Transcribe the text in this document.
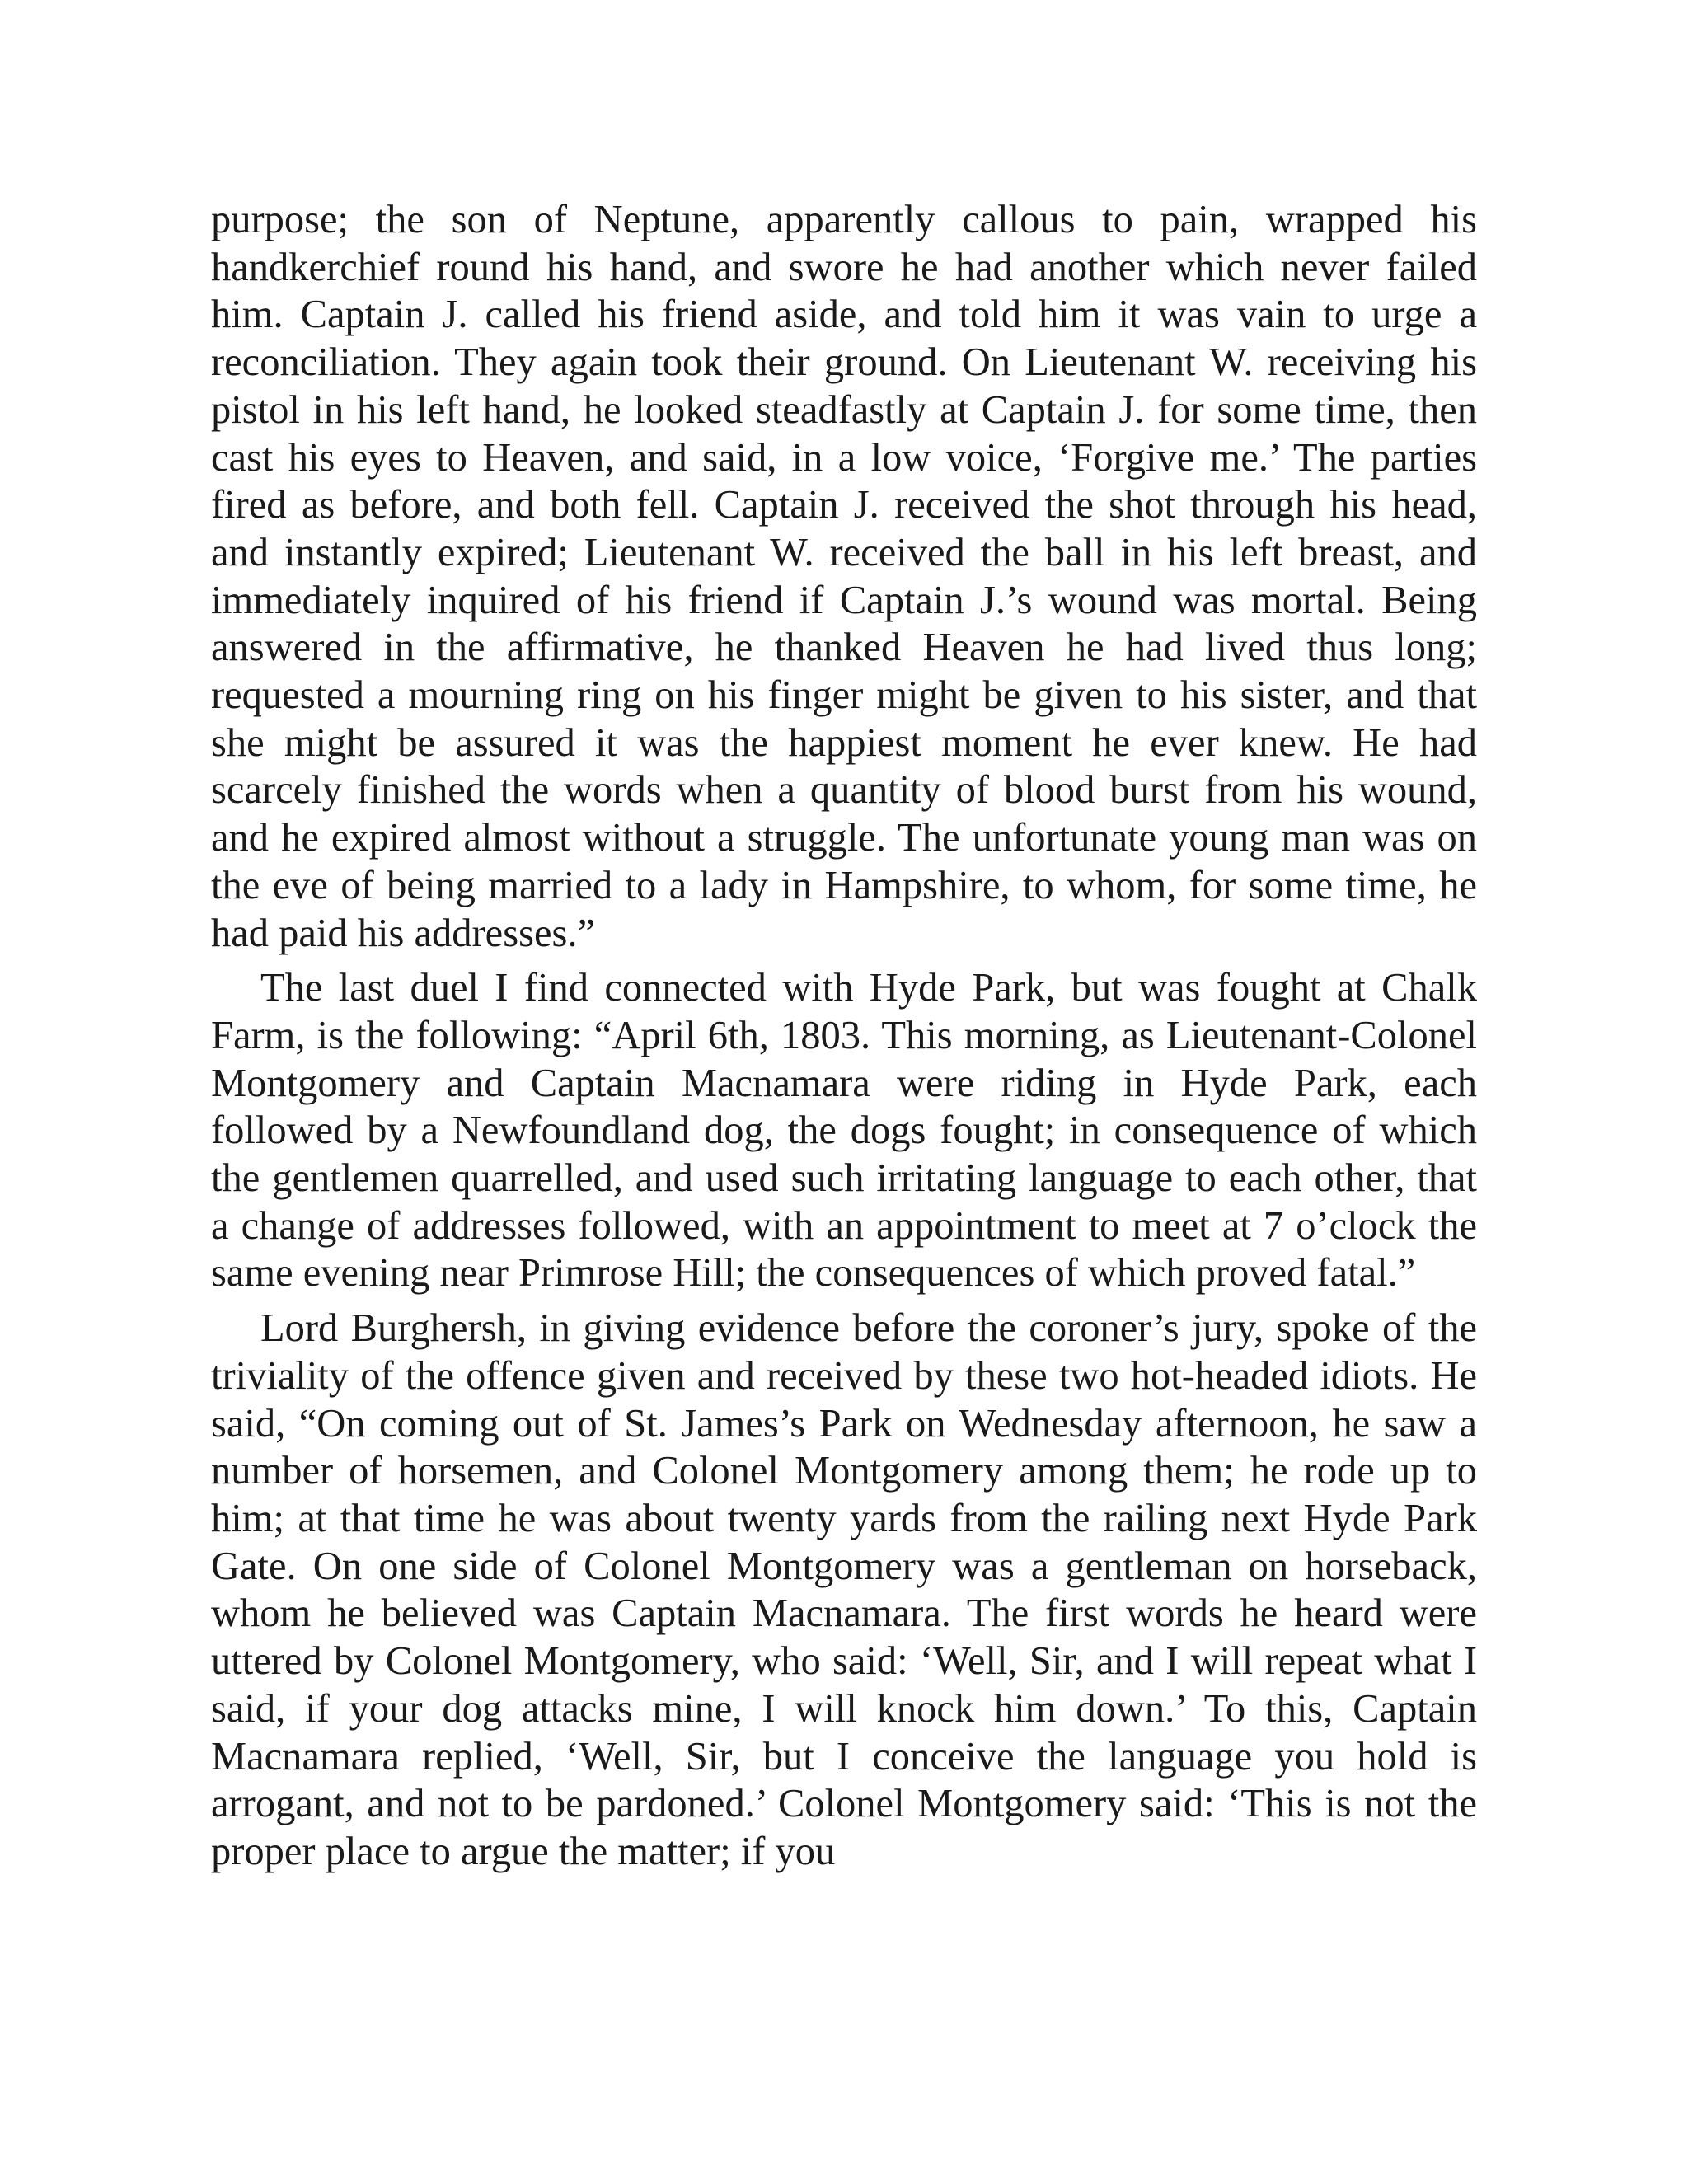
purpose; the son of Neptune, apparently callous to pain, wrapped his handkerchief round his hand, and swore he had another which never failed him. Captain J. called his friend aside, and told him it was vain to urge a reconciliation. They again took their ground. On Lieutenant W. receiving his pistol in his left hand, he looked steadfastly at Captain J. for some time, then cast his eyes to Heaven, and said, in a low voice, ‘Forgive me.’ The parties fired as before, and both fell. Captain J. received the shot through his head, and instantly expired; Lieutenant W. received the ball in his left breast, and immediately inquired of his friend if Captain J.’s wound was mortal. Being answered in the affirmative, he thanked Heaven he had lived thus long; requested a mourning ring on his finger might be given to his sister, and that she might be assured it was the happiest moment he ever knew. He had scarcely finished the words when a quantity of blood burst from his wound, and he expired almost without a struggle. The unfortunate young man was on the eve of being married to a lady in Hampshire, to whom, for some time, he had paid his addresses.”

The last duel I find connected with Hyde Park, but was fought at Chalk Farm, is the following: “April 6th, 1803. This morning, as Lieutenant-Colonel Montgomery and Captain Macnamara were riding in Hyde Park, each followed by a Newfoundland dog, the dogs fought; in consequence of which the gentlemen quarrelled, and used such irritating language to each other, that a change of addresses followed, with an appointment to meet at 7 o’clock the same evening near Primrose Hill; the consequences of which proved fatal.”

Lord Burghersh, in giving evidence before the coroner’s jury, spoke of the triviality of the offence given and received by these two hot-headed idiots. He said, “On coming out of St. James’s Park on Wednesday afternoon, he saw a number of horsemen, and Colonel Montgomery among them; he rode up to him; at that time he was about twenty yards from the railing next Hyde Park Gate. On one side of Colonel Montgomery was a gentleman on horseback, whom he believed was Captain Macnamara. The first words he heard were uttered by Colonel Montgomery, who said: ‘Well, Sir, and I will repeat what I said, if your dog attacks mine, I will knock him down.’ To this, Captain Macnamara replied, ‘Well, Sir, but I conceive the language you hold is arrogant, and not to be pardoned.’ Colonel Montgomery said: ‘This is not the proper place to argue the matter; if you
